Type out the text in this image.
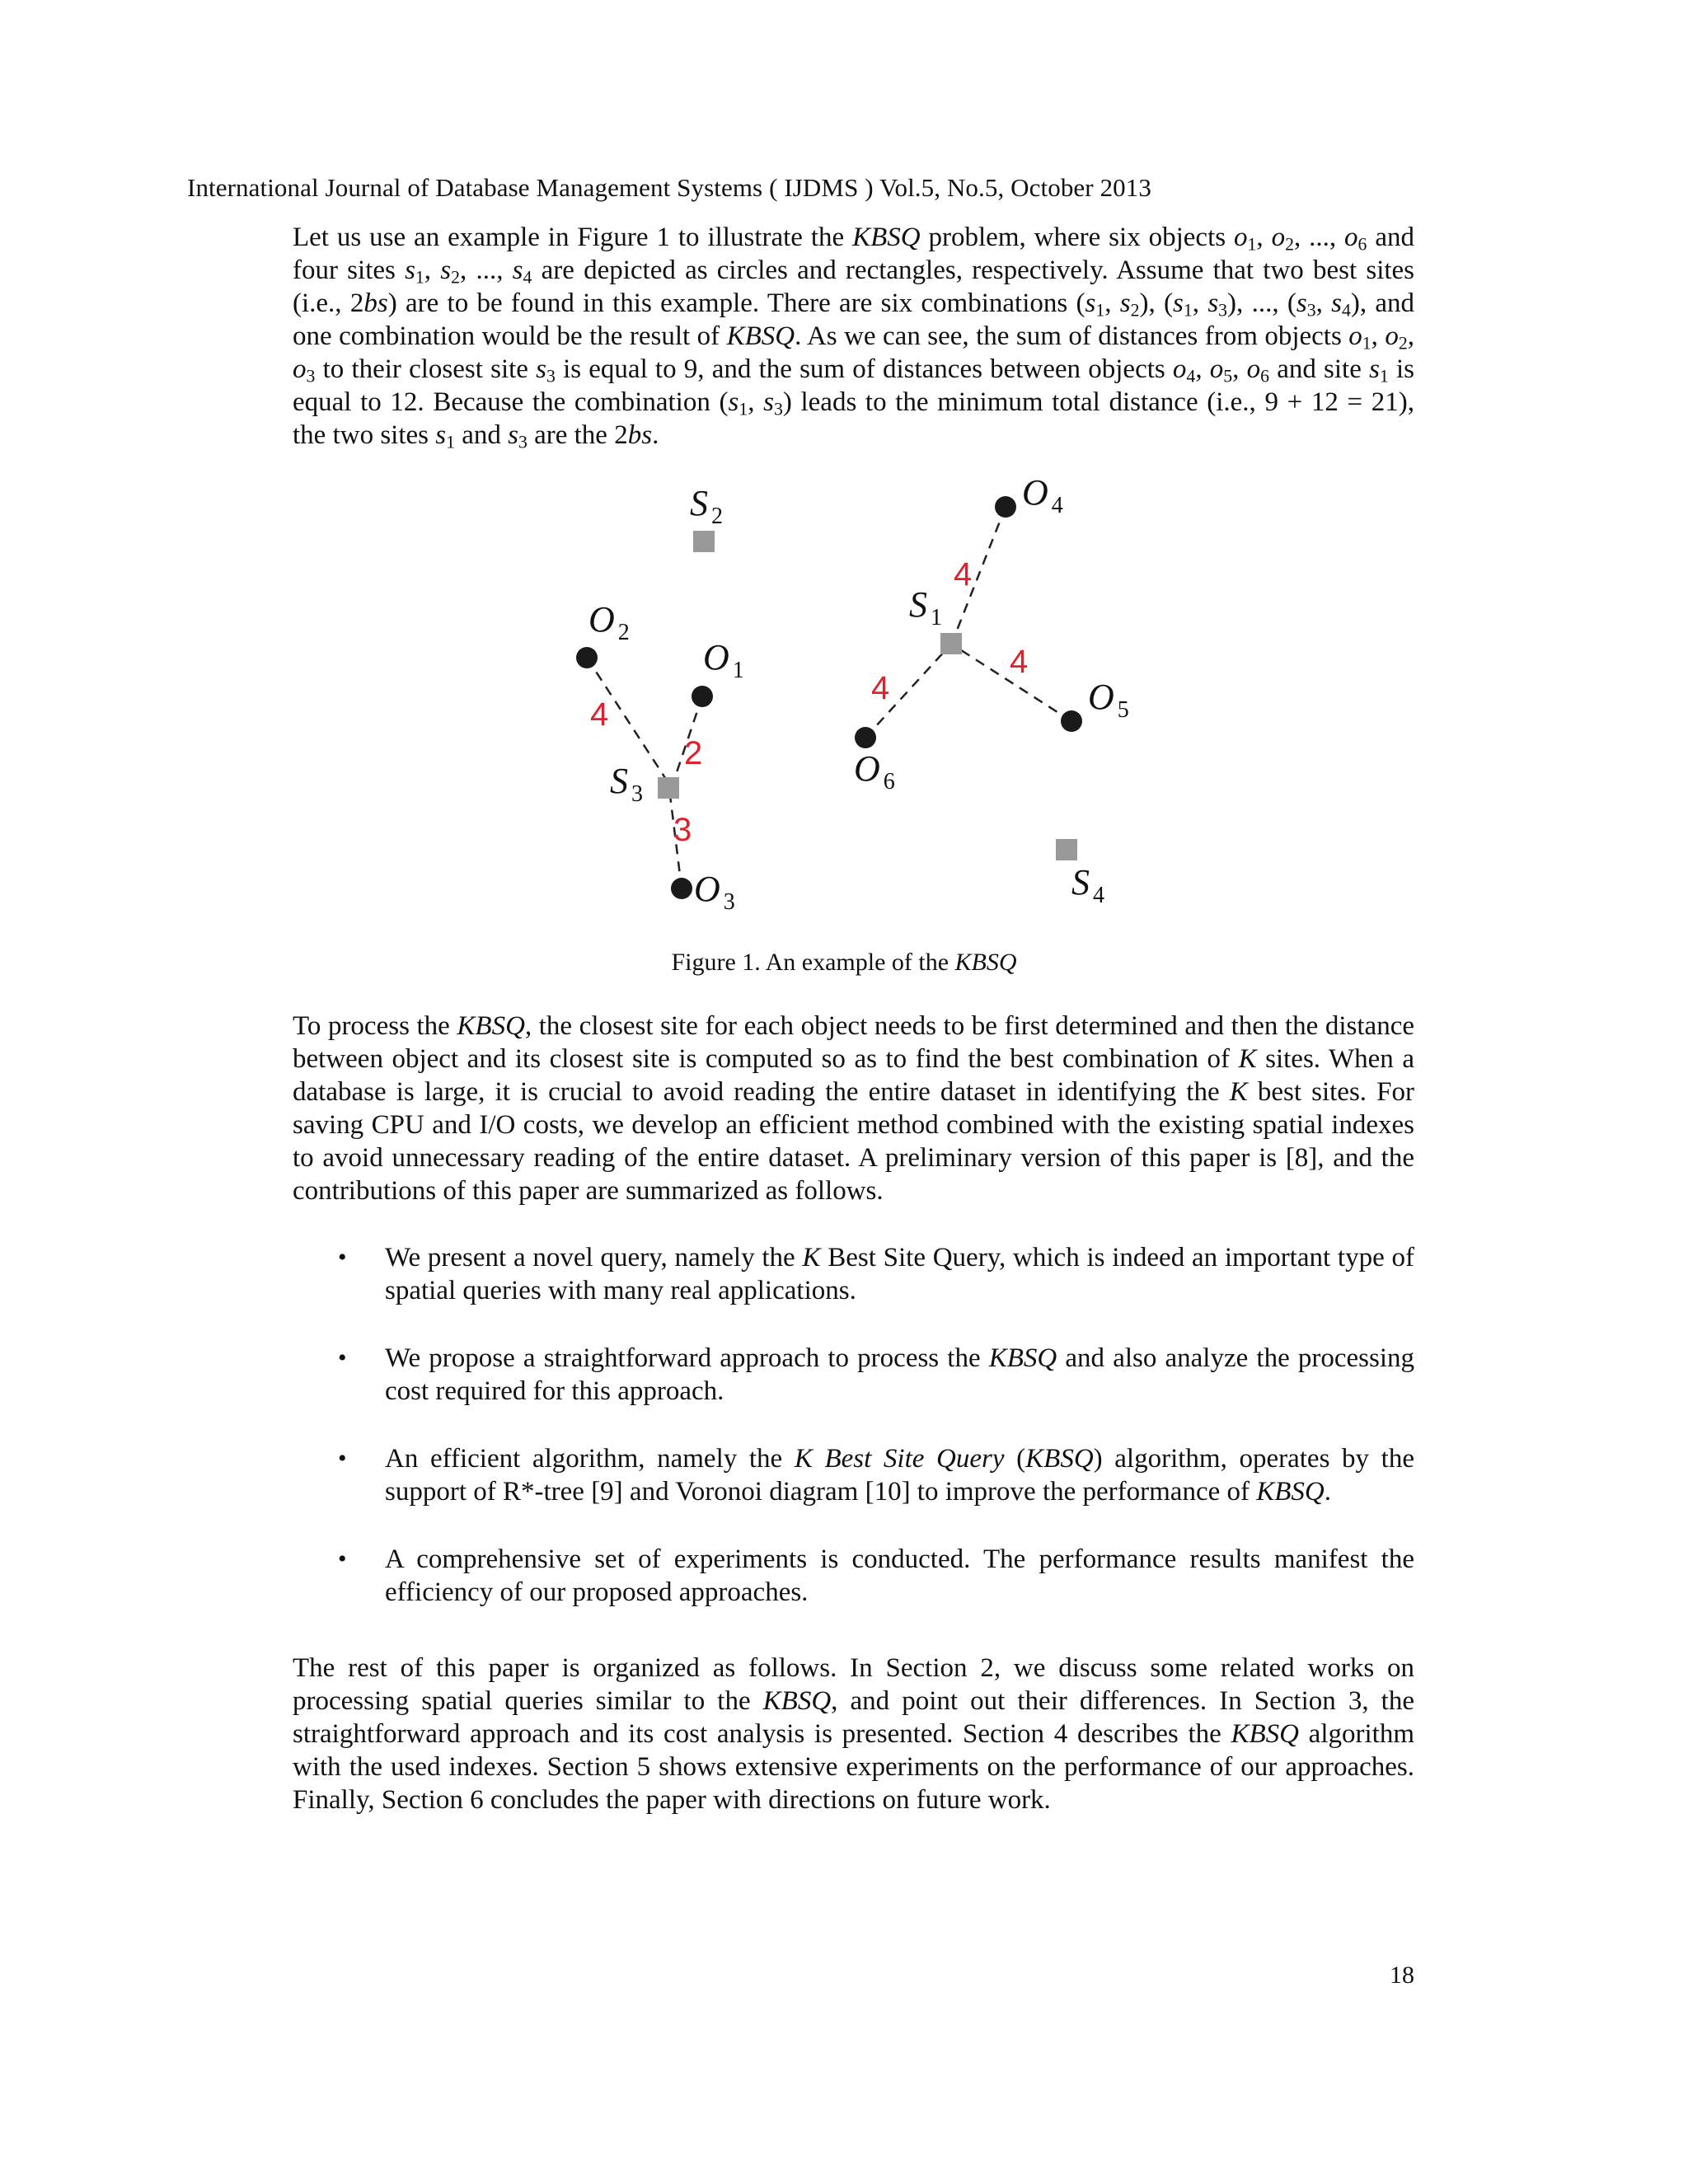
International Journal of Database Management Systems ( IJDMS ) Vol.5, No.5, October 2013

Let us use an example in Figure 1 to illustrate the KBSQ problem, where six objects $o_1$, $o_2$, ..., $o_6$ and four sites $s_1$, $s_2$, ..., $s_4$ are depicted as circles and rectangles, respectively. Assume that two best sites (i.e., 2bs) are to be found in this example. There are six combinations ($s_1$, $s_2$), ($s_1$, $s_3$), ..., ($s_3$, $s_4$), and one combination would be the result of KBSQ. As we can see, the sum of distances from objects $o_1$, $o_2$, $o_3$ to their closest site $s_3$ is equal to 9, and the sum of distances between objects $o_4$, $o_5$, $o_6$ and site $s_1$ is equal to 12. Because the combination ($s_1$, $s_3$) leads to the minimum total distance (i.e., 9 + 12 = 21), the two sites $s_1$ and $s_3$ are the 2bs.

S $_2$
S $_1$
S $_3$
S $_4$
O $_2$
O $_1$
O $_3$
O $_4$
O $_5$
O $_6$
2
4
3
4
4
4
Figure 1. An example of the KBSQ

To process the KBSQ, the closest site for each object needs to be first determined and then the distance between object and its closest site is computed so as to find the best combination of K sites. When a database is large, it is crucial to avoid reading the entire dataset in identifying the K best sites. For saving CPU and I/O costs, we develop an efficient method combined with the existing spatial indexes to avoid unnecessary reading of the entire dataset. A preliminary version of this paper is [8], and the contributions of this paper are summarized as follows.

• We present a novel query, namely the K Best Site Query, which is indeed an important type of spatial queries with many real applications.
• We propose a straightforward approach to process the KBSQ and also analyze the processing cost required for this approach.
• An efficient algorithm, namely the K Best Site Query (KBSQ) algorithm, operates by the support of R*-tree [9] and Voronoi diagram [10] to improve the performance of KBSQ.
• A comprehensive set of experiments is conducted. The performance results manifest the efficiency of our proposed approaches.

The rest of this paper is organized as follows. In Section 2, we discuss some related works on processing spatial queries similar to the KBSQ, and point out their differences. In Section 3, the straightforward approach and its cost analysis is presented. Section 4 describes the KBSQ algorithm with the used indexes. Section 5 shows extensive experiments on the performance of our approaches. Finally, Section 6 concludes the paper with directions on future work.

18
